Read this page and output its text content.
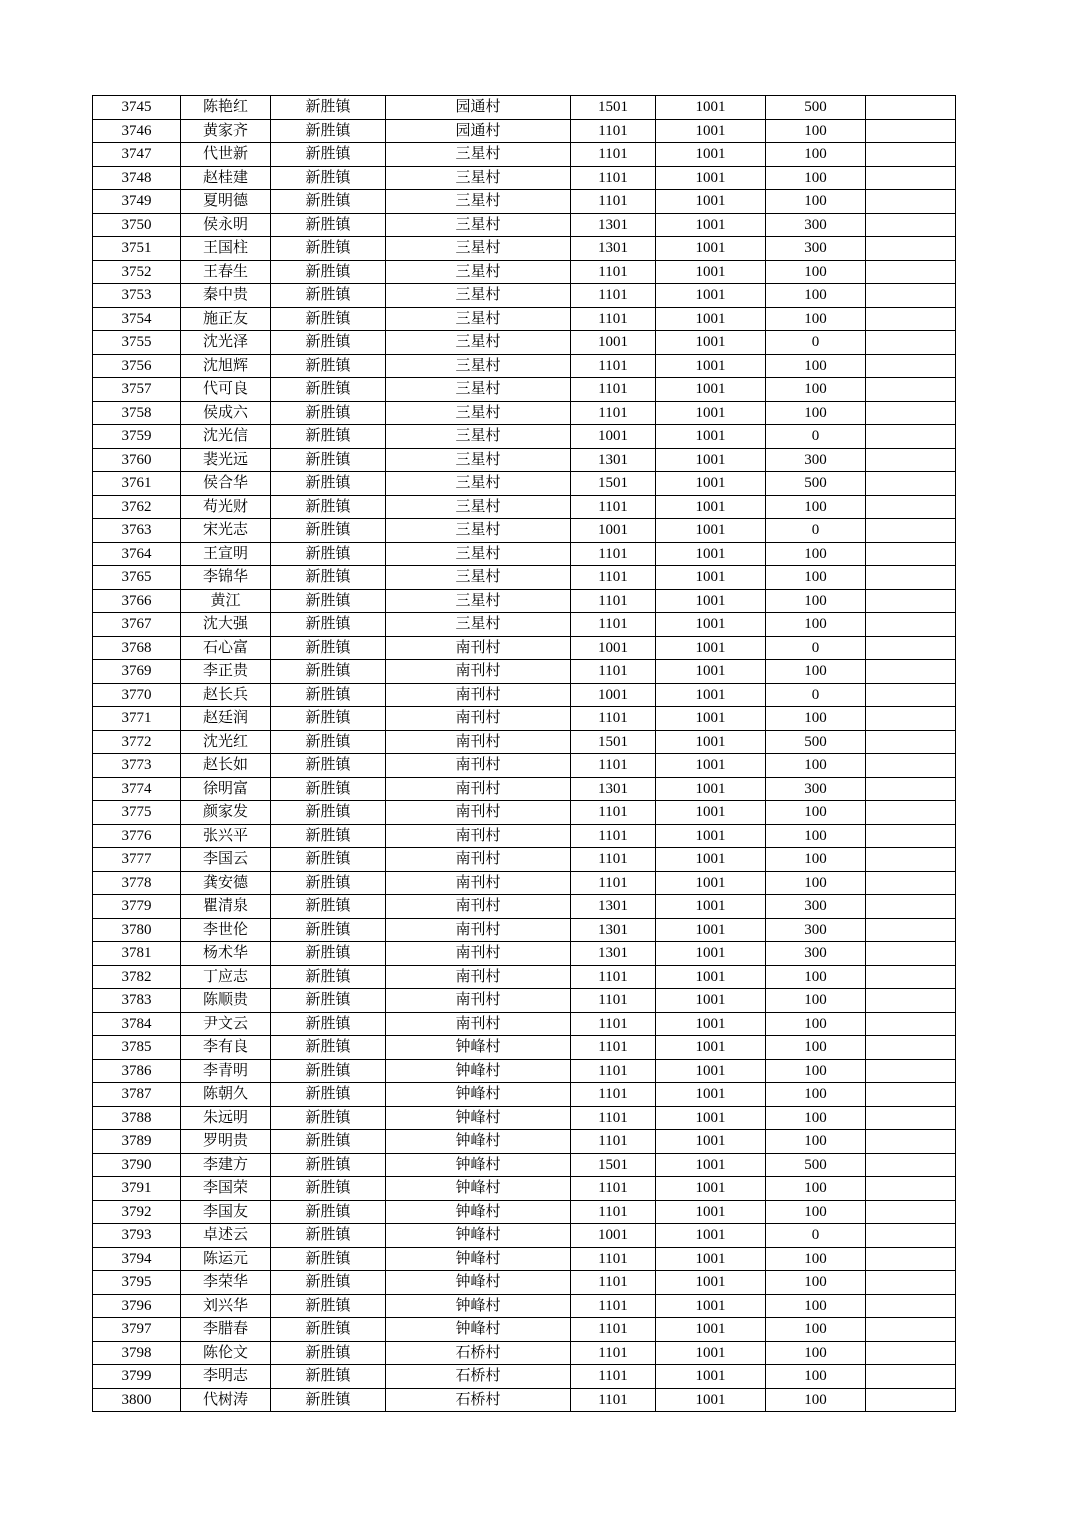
3745	陈艳红	新胜镇	园通村	1501	1001	500	
3746	黄家齐	新胜镇	园通村	1101	1001	100	
3747	代世新	新胜镇	三星村	1101	1001	100	
3748	赵桂建	新胜镇	三星村	1101	1001	100	
3749	夏明德	新胜镇	三星村	1101	1001	100	
3750	侯永明	新胜镇	三星村	1301	1001	300	
3751	王国柱	新胜镇	三星村	1301	1001	300	
3752	王春生	新胜镇	三星村	1101	1001	100	
3753	秦中贵	新胜镇	三星村	1101	1001	100	
3754	施正友	新胜镇	三星村	1101	1001	100	
3755	沈光泽	新胜镇	三星村	1001	1001	0	
3756	沈旭辉	新胜镇	三星村	1101	1001	100	
3757	代可良	新胜镇	三星村	1101	1001	100	
3758	侯成六	新胜镇	三星村	1101	1001	100	
3759	沈光信	新胜镇	三星村	1001	1001	0	
3760	裴光远	新胜镇	三星村	1301	1001	300	
3761	侯合华	新胜镇	三星村	1501	1001	500	
3762	苟光财	新胜镇	三星村	1101	1001	100	
3763	宋光志	新胜镇	三星村	1001	1001	0	
3764	王宣明	新胜镇	三星村	1101	1001	100	
3765	李锦华	新胜镇	三星村	1101	1001	100	
3766	黄江	新胜镇	三星村	1101	1001	100	
3767	沈大强	新胜镇	三星村	1101	1001	100	
3768	石心富	新胜镇	南刊村	1001	1001	0	
3769	李正贵	新胜镇	南刊村	1101	1001	100	
3770	赵长兵	新胜镇	南刊村	1001	1001	0	
3771	赵廷润	新胜镇	南刊村	1101	1001	100	
3772	沈光红	新胜镇	南刊村	1501	1001	500	
3773	赵长如	新胜镇	南刊村	1101	1001	100	
3774	徐明富	新胜镇	南刊村	1301	1001	300	
3775	颜家发	新胜镇	南刊村	1101	1001	100	
3776	张兴平	新胜镇	南刊村	1101	1001	100	
3777	李国云	新胜镇	南刊村	1101	1001	100	
3778	龚安德	新胜镇	南刊村	1101	1001	100	
3779	瞿清泉	新胜镇	南刊村	1301	1001	300	
3780	李世伦	新胜镇	南刊村	1301	1001	300	
3781	杨术华	新胜镇	南刊村	1301	1001	300	
3782	丁应志	新胜镇	南刊村	1101	1001	100	
3783	陈顺贵	新胜镇	南刊村	1101	1001	100	
3784	尹文云	新胜镇	南刊村	1101	1001	100	
3785	李有良	新胜镇	钟峰村	1101	1001	100	
3786	李青明	新胜镇	钟峰村	1101	1001	100	
3787	陈朝久	新胜镇	钟峰村	1101	1001	100	
3788	朱远明	新胜镇	钟峰村	1101	1001	100	
3789	罗明贵	新胜镇	钟峰村	1101	1001	100	
3790	李建方	新胜镇	钟峰村	1501	1001	500	
3791	李国荣	新胜镇	钟峰村	1101	1001	100	
3792	李国友	新胜镇	钟峰村	1101	1001	100	
3793	卓述云	新胜镇	钟峰村	1001	1001	0	
3794	陈运元	新胜镇	钟峰村	1101	1001	100	
3795	李荣华	新胜镇	钟峰村	1101	1001	100	
3796	刘兴华	新胜镇	钟峰村	1101	1001	100	
3797	李腊春	新胜镇	钟峰村	1101	1001	100	
3798	陈伦文	新胜镇	石桥村	1101	1001	100	
3799	李明志	新胜镇	石桥村	1101	1001	100	
3800	代树涛	新胜镇	石桥村	1101	1001	100	
